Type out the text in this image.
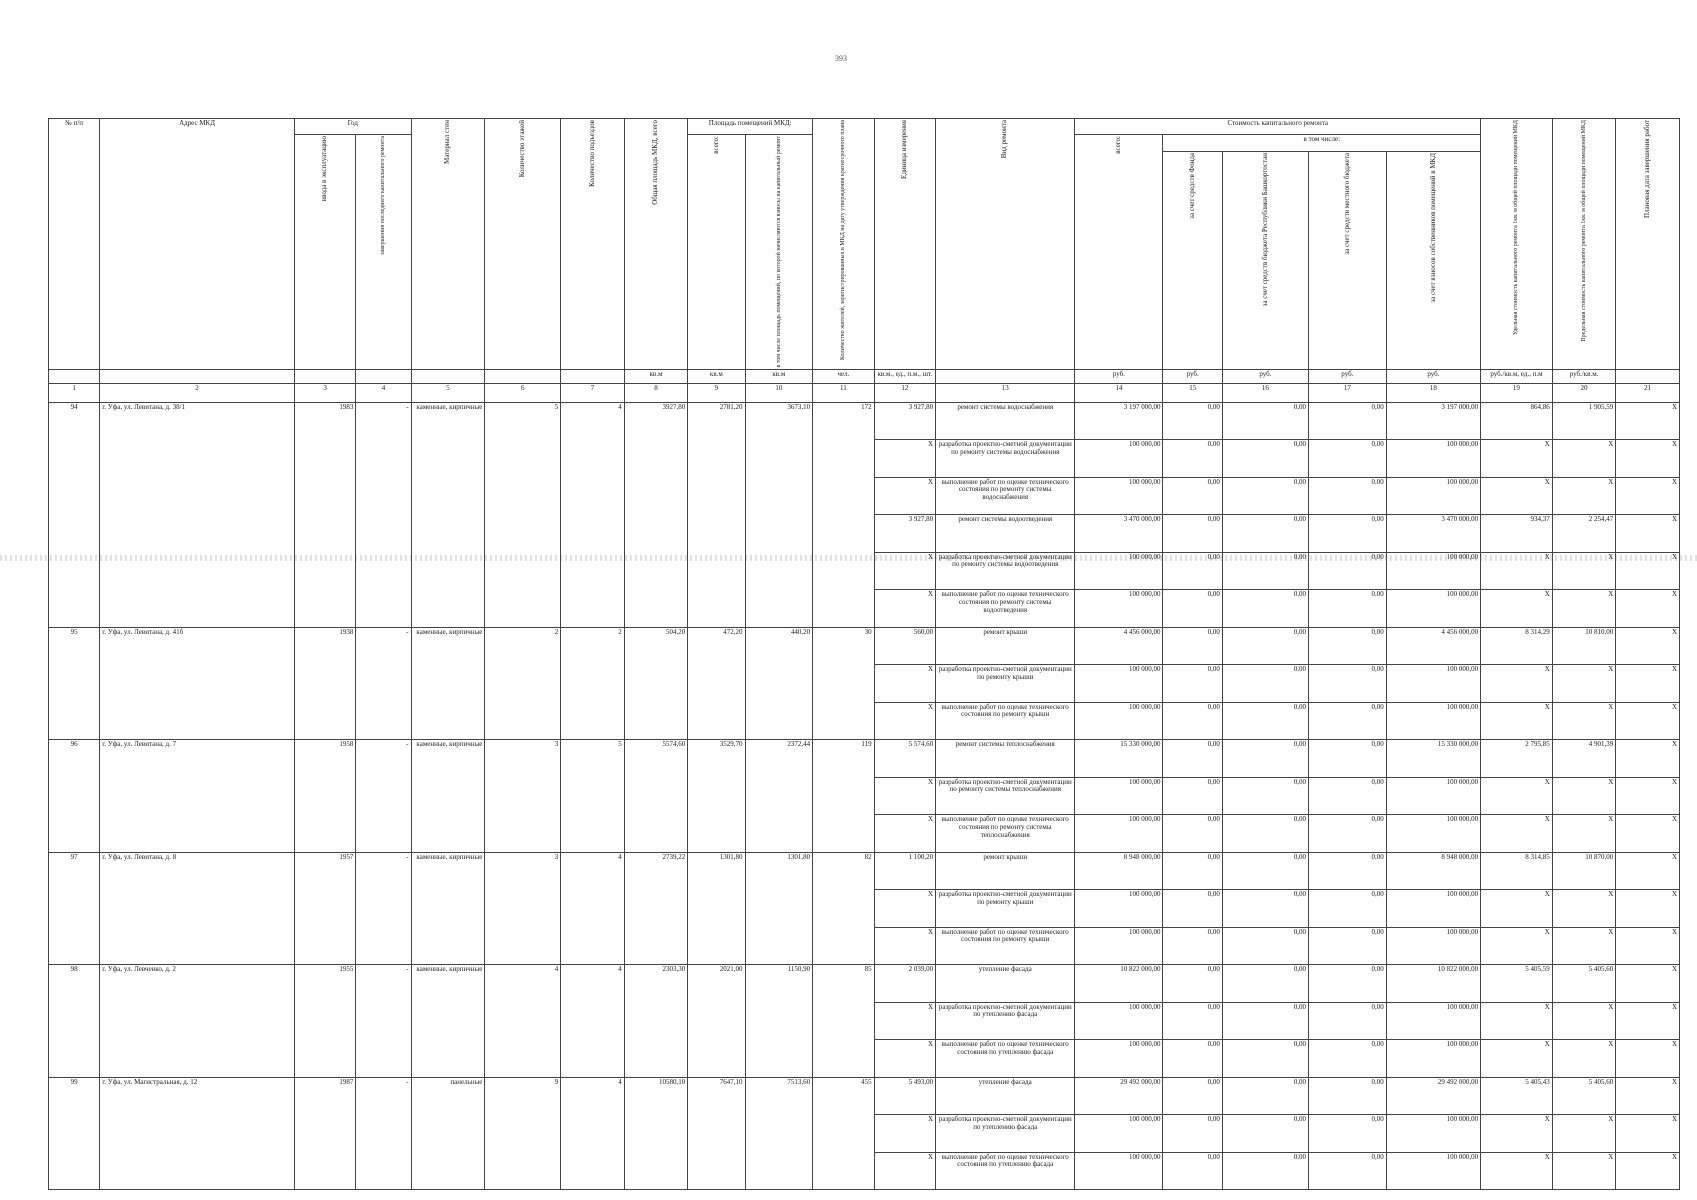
393
№ п/п	Адрес МКД	Год		Материал стен	Количество этажей	Количество подъездов	Общая площадь МКД, всего	Площадь помещений МКД:		Количество жителей, зарегистрированных в МКД на дату утверждения краткосрочного плана	Единица измерения	Вид ремонта	Стоимость капитального ремонта					Удельная стоимость капитального ремонта 1кв. м общей площади помещений МКД	Предельная стоимость капитального ремонта 1кв. м общей площади помещений МКД	Плановая дата завершения работ

		ввода в эксплуатацию	завершения последнего капитального ремонта					всего:	в том числе площадь помещений, по которой начисляются взносы на капитальный ремонт				всего:	в том числе:						

														за счет средств Фонда	за счет средств бюджета Республики Башкортостан	за счет средств местного бюджета	за счет взносов собственников помещений в МКД			

							кв.м	кв.м	кв.м	чел.	кв.м., ед., п.м., шт.		руб.	руб.	руб.	руб.	руб.	руб./кв.м, ед., п.м	руб./кв.м.	
1	2	3	4	5	6	7	8	9	10	11	12	13	14	15	16	17	18	19	20	21
94	г. Уфа, ул. Левитана, д. 38/1	1983	-	каменные, кирпичные	5	4	3927,80	2781,20	3673,10	172	3 927,80	ремонт системы водоснабжения	3 197 000,00	0,00	0,00	0,00	3 197 000,00	864,86	1 905,59	X
											X	разработка проектно-сметной документации по ремонту системы водоснабжения	100 000,00	0,00	0,00	0,00	100 000,00	X	X	X
											X	выполнение работ по оценке технического состояния по ремонту системы водоснабжения	100 000,00	0,00	0,00	0,00	100 000,00	X	X	X
											3 927,80	ремонт системы водоотведения	3 470 000,00	0,00	0,00	0,00	3 470 000,00	934,37	2 254,47	X
											X	разработка проектно-сметной документации по ремонту системы водоотведения	100 000,00	0,00	0,00	0,00	100 000,00	X	X	X
											X	выполнение работ по оценке технического состояния по ремонту системы водоотведения	100 000,00	0,00	0,00	0,00	100 000,00	X	X	X
95	г. Уфа, ул. Левитана, д. 41б	1938	-	каменные, кирпичные	2	2	504,20	472,20	440,20	30	560,00	ремонт крыши	4 456 000,00	0,00	0,00	0,00	4 456 000,00	8 314,29	10 810,00	X
											X	разработка проектно-сметной документации по ремонту крыши	100 000,00	0,00	0,00	0,00	100 000,00	X	X	X
											X	выполнение работ по оценке технического состояния по ремонту крыши	100 000,00	0,00	0,00	0,00	100 000,00	X	X	X
96	г. Уфа, ул. Левитана, д. 7	1958	-	каменные, кирпичные	3	5	5574,60	3529,70	2372,44	119	5 574,60	ремонт системы теплоснабжения	15 330 000,00	0,00	0,00	0,00	15 330 000,00	2 795,85	4 901,39	X
											X	разработка проектно-сметной документации по ремонту системы теплоснабжения	100 000,00	0,00	0,00	0,00	100 000,00	X	X	X
											X	выполнение работ по оценке технического состояния по ремонту системы теплоснабжения	100 000,00	0,00	0,00	0,00	100 000,00	X	X	X
97	г. Уфа, ул. Левитана, д. 8	1957	-	каменные, кирпичные	3	4	2739,22	1301,80	1301,80	82	1 100,20	ремонт крыши	8 948 000,00	0,00	0,00	0,00	8 948 000,00	8 314,85	10 870,00	X
											X	разработка проектно-сметной документации по ремонту крыши	100 000,00	0,00	0,00	0,00	100 000,00	X	X	X
											X	выполнение работ по оценке технического состояния по ремонту крыши	100 000,00	0,00	0,00	0,00	100 000,00	X	X	X
98	г. Уфа, ул. Левченко, д. 2	1955	-	каменные, кирпичные	4	4	2303,30	2021,00	1150,90	85	2 039,00	утепление фасада	10 822 000,00	0,00	0,00	0,00	10 822 000,00	5 405,59	5 405,60	X
											X	разработка проектно-сметной документации по утеплению фасада	100 000,00	0,00	0,00	0,00	100 000,00	X	X	X
											X	выполнение работ по оценке технического состояния по утеплению фасада	100 000,00	0,00	0,00	0,00	100 000,00	X	X	X
99	г. Уфа, ул. Магистральная, д. 12	1987	-	панельные	9	4	10580,10	7647,10	7513,60	455	5 493,00	утепление фасада	29 492 000,00	0,00	0,00	0,00	29 492 000,00	5 405,43	5 405,60	X
											X	разработка проектно-сметной документации по утеплению фасада	100 000,00	0,00	0,00	0,00	100 000,00	X	X	X
											X	выполнение работ по оценке технического состояния по утеплению фасада	100 000,00	0,00	0,00	0,00	100 000,00	X	X	X
